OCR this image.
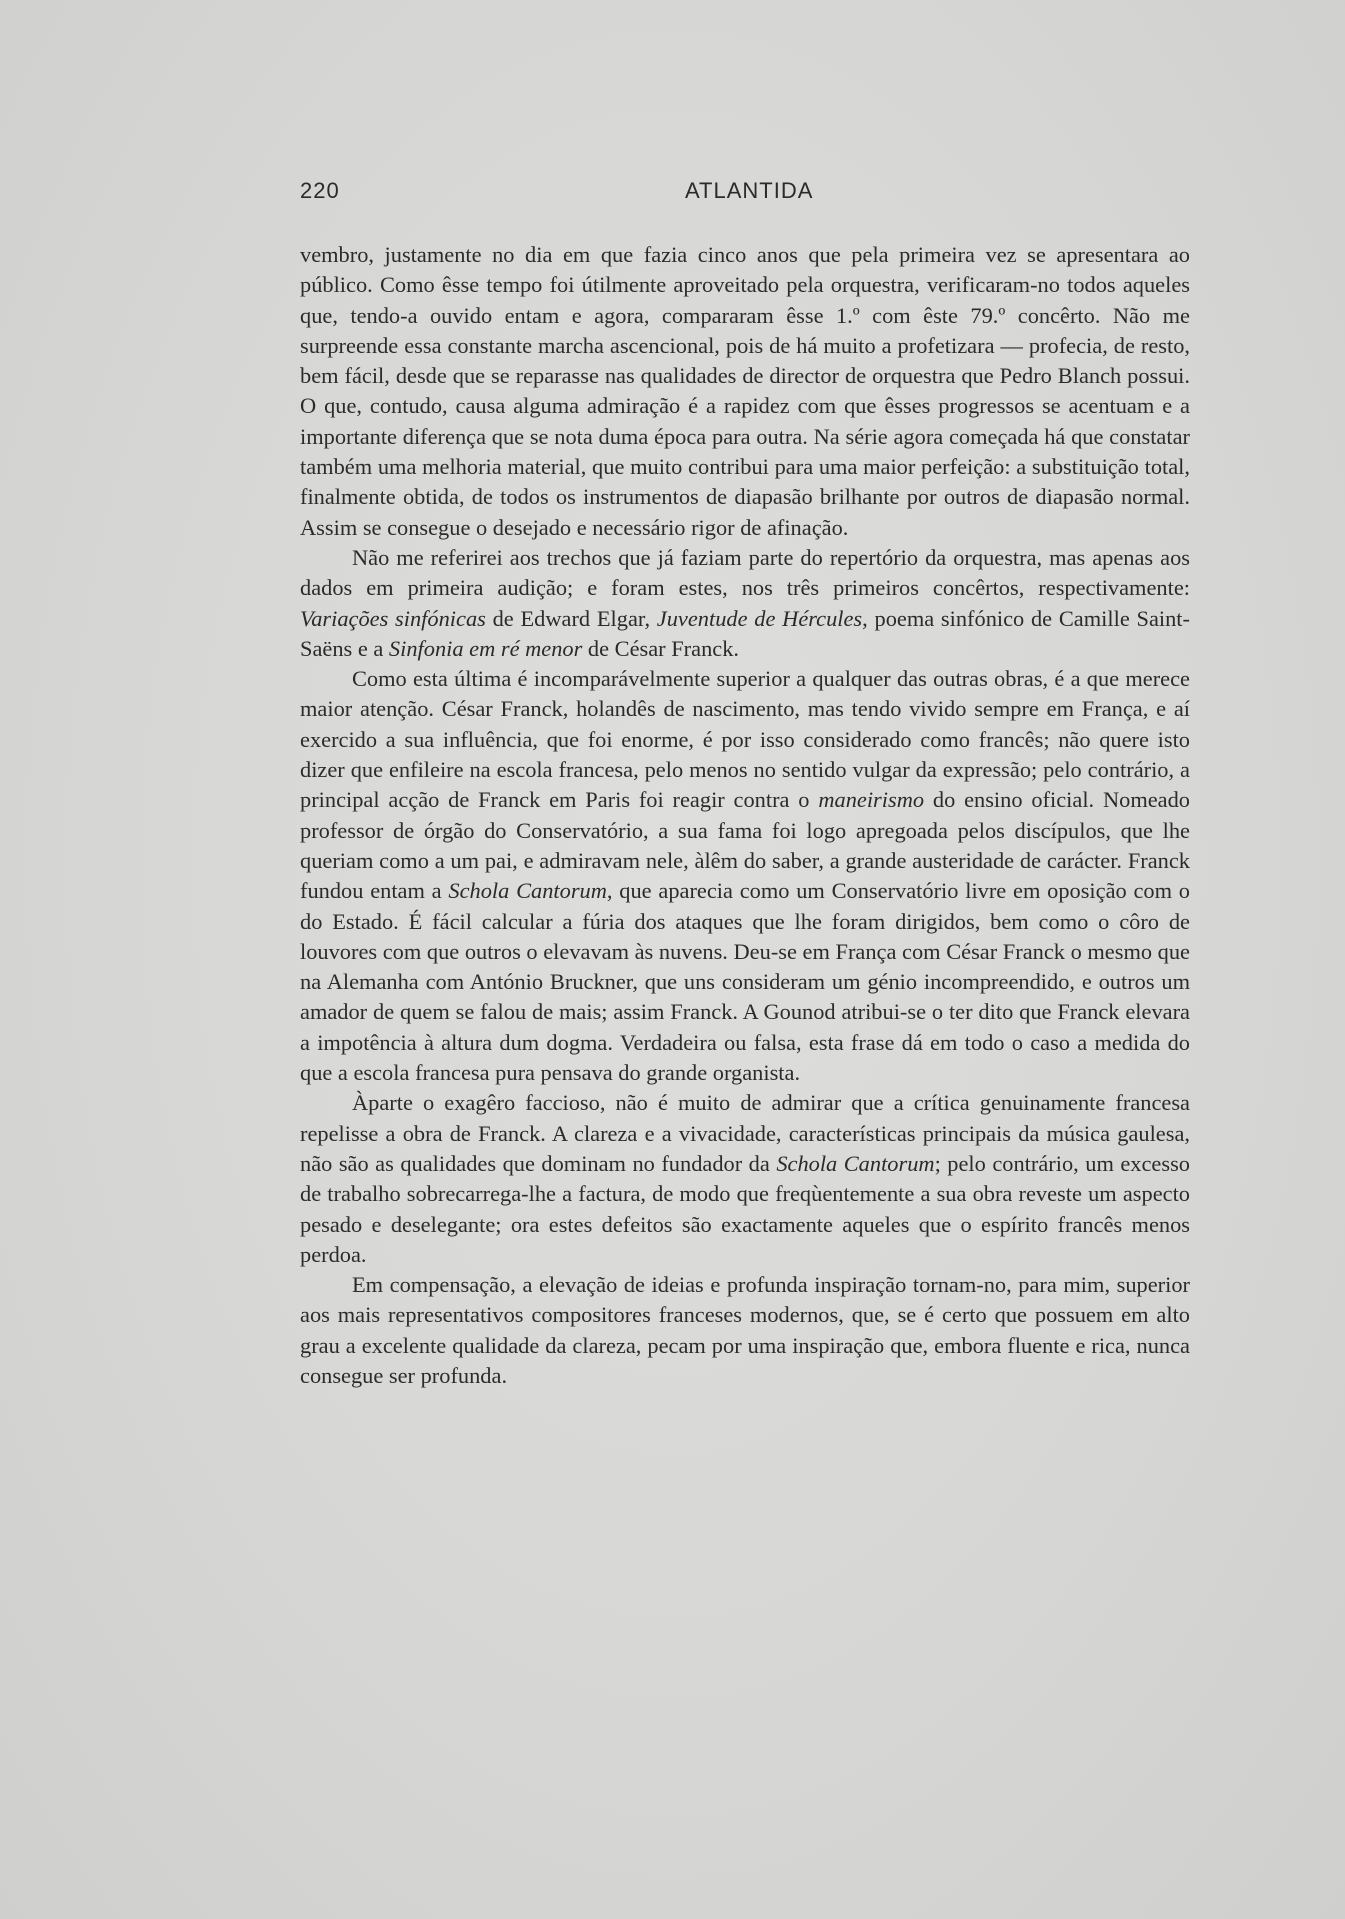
220	ATLANTIDA

vembro, justamente no dia em que fazia cinco anos que pela primeira vez se apresentara ao público. Como êsse tempo foi útilmente aproveitado pela orquestra, verificaram-no todos aqueles que, tendo-a ouvido entam e agora, compararam êsse 1.º com êste 79.º concêrto. Não me surpreende essa constante marcha ascencional, pois de há muito a profetizara — profecia, de resto, bem fácil, desde que se reparasse nas qualidades de director de orquestra que Pedro Blanch possui. O que, contudo, causa alguma admiração é a rapidez com que êsses progressos se acentuam e a importante diferença que se nota duma época para outra. Na série agora começada há que constatar também uma melhoria material, que muito contribui para uma maior perfeição: a substituição total, finalmente obtida, de todos os instrumentos de diapasão brilhante por outros de diapasão normal. Assim se consegue o desejado e necessário rigor de afinação.

Não me referirei aos trechos que já faziam parte do repertório da orquestra, mas apenas aos dados em primeira audição; e foram estes, nos três primeiros concêrtos, respectivamente: Variações sinfónicas de Edward Elgar, Juventude de Hércules, poema sinfónico de Camille Saint-Saëns e a Sinfonia em ré menor de César Franck.

Como esta última é incomparávelmente superior a qualquer das outras obras, é a que merece maior atenção. César Franck, holandês de nascimento, mas tendo vivido sempre em França, e aí exercido a sua influência, que foi enorme, é por isso considerado como francês; não quere isto dizer que enfileire na escola francesa, pelo menos no sentido vulgar da expressão; pelo contrário, a principal acção de Franck em Paris foi reagir contra o maneirismo do ensino oficial. Nomeado professor de órgão do Conservatório, a sua fama foi logo apregoada pelos discípulos, que lhe queriam como a um pai, e admiravam nele, àlêm do saber, a grande austeridade de carácter. Franck fundou entam a Schola Cantorum, que aparecia como um Conservatório livre em oposição com o do Estado. É fácil calcular a fúria dos ataques que lhe foram dirigidos, bem como o côro de louvores com que outros o elevavam às nuvens. Deu-se em França com César Franck o mesmo que na Alemanha com António Bruckner, que uns consideram um génio incompreendido, e outros um amador de quem se falou de mais; assim Franck. A Gounod atribui-se o ter dito que Franck elevara a impotência à altura dum dogma. Verdadeira ou falsa, esta frase dá em todo o caso a medida do que a escola francesa pura pensava do grande organista.

Àparte o exagêro faccioso, não é muito de admirar que a crítica genuinamente francesa repelisse a obra de Franck. A clareza e a vivacidade, características principais da música gaulesa, não são as qualidades que dominam no fundador da Schola Cantorum; pelo contrário, um excesso de trabalho sobrecarrega-lhe a factura, de modo que freqùentemente a sua obra reveste um aspecto pesado e deselegante; ora estes defeitos são exactamente aqueles que o espírito francês menos perdoa.

Em compensação, a elevação de ideias e profunda inspiração tornam-no, para mim, superior aos mais representativos compositores franceses modernos, que, se é certo que possuem em alto grau a excelente qualidade da clareza, pecam por uma inspiração que, embora fluente e rica, nunca consegue ser profunda.
